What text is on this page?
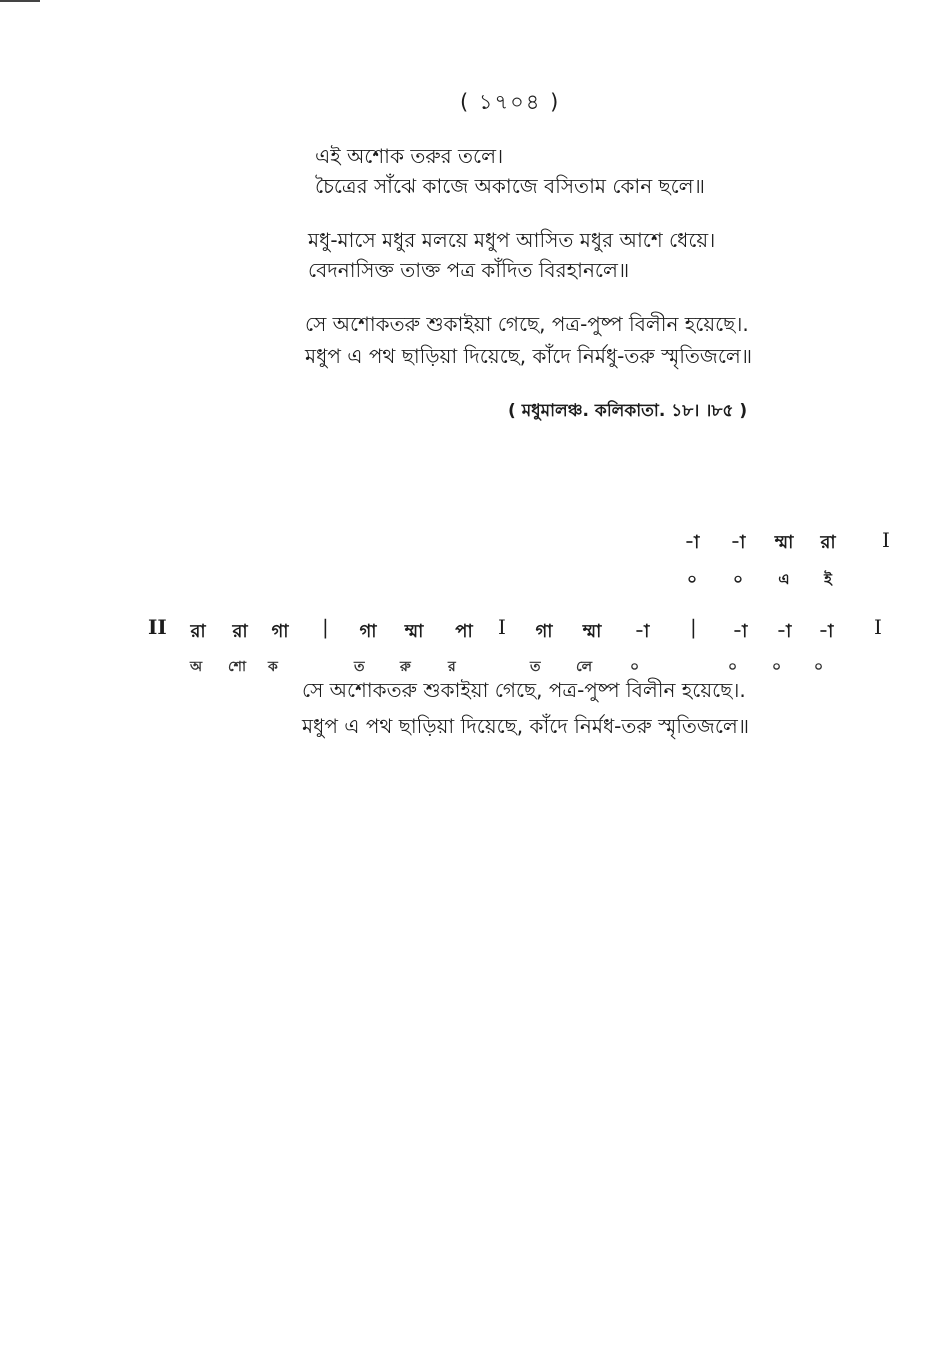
( ১৭০৪ )
এই অশোক তরুর তলে।
চৈত্রের সাঁঝে কাজে অকাজে বসিতাম কোন ছলে॥
মধু-মাসে মধুর মলয়ে মধুপ আসিত মধুর আশে ধেয়ে।
বেদনাসিক্ত তাক্ত পত্র কাঁদিত বিরহানলে॥
সে অশোকতরু শুকাইয়া গেছে, পত্র-পুষ্প বিলীন হয়েছে।.
মধুপ এ পথ ছাড়িয়া দিয়েছে, কাঁদে নির্মধু-তরু স্মৃতিজলে॥
( মধুমালঞ্চ. কলিকাতা. ১৮। ।৮৫ )
-া	-া	ম্মা	রা	I
০	০	এ	ই
II	রা	রা	গা	|	গা	ম্মা	পা	I	গা	ম্মা	-া	|	-া	-া	-া	I
অ শো ক	ত	রু	র	ত	লে	০	০ ০ ০
সে অশোকতরু শুকাইয়া গেছে, পত্র-পুষ্প বিলীন হয়েছে।.
মধুপ এ পথ ছাড়িয়া দিয়েছে, কাঁদে নির্মধ-তরু স্মৃতিজলে॥
